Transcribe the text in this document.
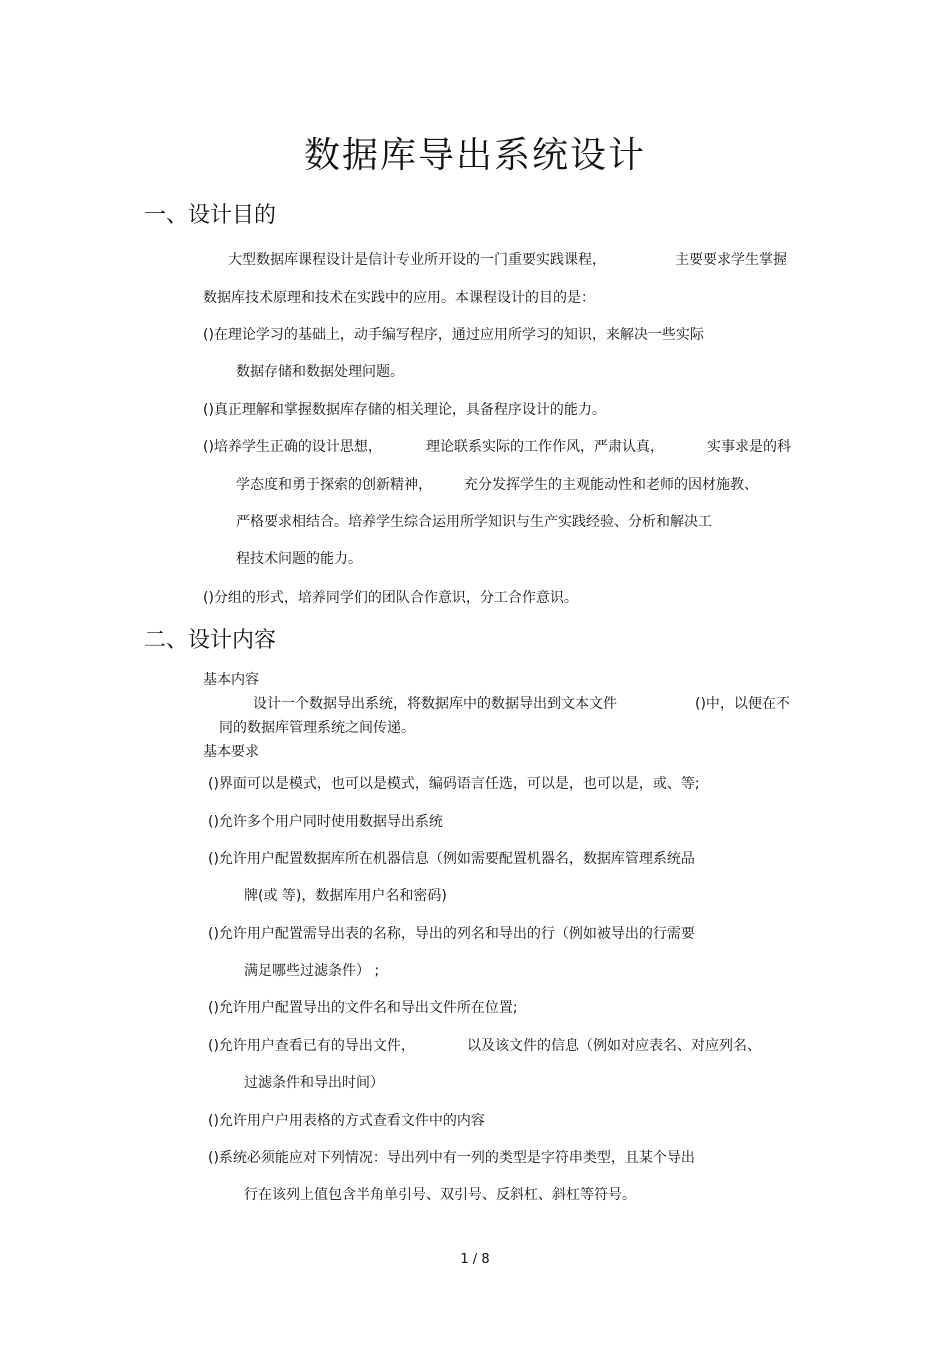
数据库导出系统设计
一、设计目的
大型数据库课程设计是信计专业所开设的一门重要实践课程，	主要要求学生掌握
数据库技术原理和技术在实践中的应用。本课程设计的目的是：
()在理论学习的基础上，动手编写程序，通过应用所学习的知识，来解决一些实际
数据存储和数据处理问题。
()真正理解和掌握数据库存储的相关理论，具备程序设计的能力。
()培养学生正确的设计思想，	理论联系实际的工作作风，严肃认真，	实事求是的科
学态度和勇于探索的创新精神， 充分发挥学生的主观能动性和老师的因材施教、
严格要求相结合。培养学生综合运用所学知识与生产实践经验、分析和解决工
程技术问题的能力。
()分组的形式，培养同学们的团队合作意识，分工合作意识。
二、设计内容
基本内容
设计一个数据导出系统，将数据库中的数据导出到文本文件	()中，以便在不
同的数据库管理系统之间传递。
基本要求
()界面可以是模式，也可以是模式，编码语言任选，可以是，也可以是，或、等;
()允许多个用户同时使用数据导出系统
()允许用户配置数据库所在机器信息（例如需要配置机器名，数据库管理系统品
牌(或 等)，数据库用户名和密码)
()允许用户配置需导出表的名称，导出的列名和导出的行（例如被导出的行需要
满足哪些过滤条件） ;
()允许用户配置导出的文件名和导出文件所在位置;
()允许用户查看已有的导出文件，	以及该文件的信息（例如对应表名、对应列名、
过滤条件和导出时间）
()允许用户户用表格的方式查看文件中的内容
()系统必须能应对下列情况：导出列中有一列的类型是字符串类型，且某个导出
行在该列上值包含半角单引号、双引号、反斜杠、斜杠等符号。
1 / 8
